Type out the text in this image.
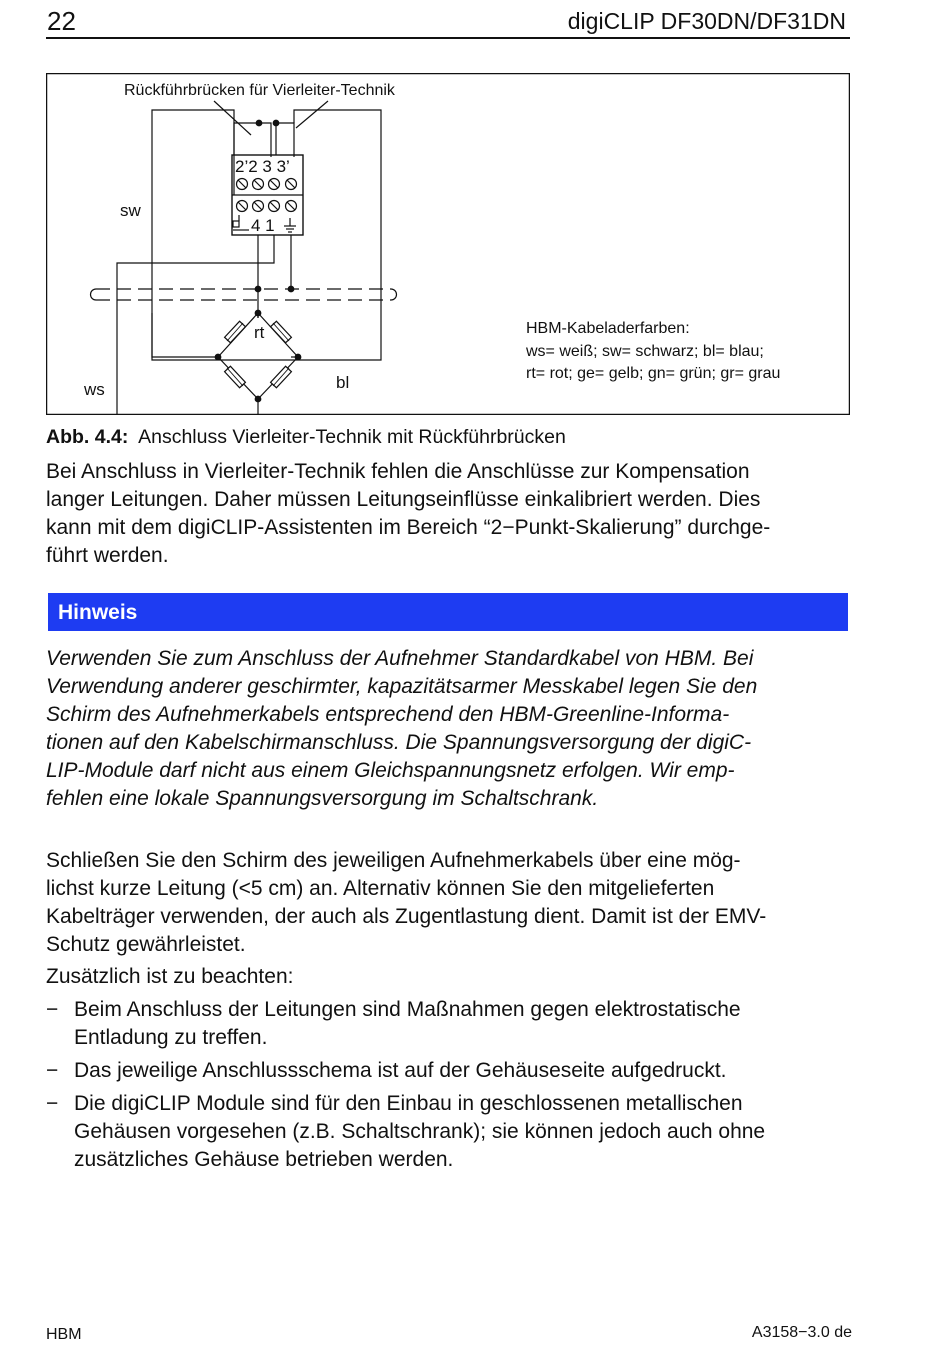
22	digiCLIP DF30DN/DF31DN
Rückführbrücken für Vierleiter-Technik
2’2 3 3’
4 1
sw
ws
rt
bl
HBM-Kabeladerfarben:
ws= weiß; sw= schwarz; bl= blau;
rt= rot; ge= gelb; gn= grün; gr= grau
Abb. 4.4: Anschluss Vierleiter-Technik mit Rückführbrücken
Bei Anschluss in Vierleiter-Technik fehlen die Anschlüsse zur Kompensation
langer Leitungen. Daher müssen Leitungseinflüsse einkalibriert werden. Dies
kann mit dem digiCLIP-Assistenten im Bereich “2−Punkt-Skalierung” durchge-
führt werden.
Hinweis
Verwenden Sie zum Anschluss der Aufnehmer Standardkabel von HBM. Bei
Verwendung anderer geschirmter, kapazitätsarmer Messkabel legen Sie den
Schirm des Aufnehmerkabels entsprechend den HBM-Greenline-Informa-
tionen auf den Kabelschirmanschluss. Die Spannungsversorgung der digiC-
LIP-Module darf nicht aus einem Gleichspannungsnetz erfolgen. Wir emp-
fehlen eine lokale Spannungsversorgung im Schaltschrank.
Schließen Sie den Schirm des jeweiligen Aufnehmerkabels über eine mög-
lichst kurze Leitung (<5 cm) an. Alternativ können Sie den mitgelieferten
Kabelträger verwenden, der auch als Zugentlastung dient. Damit ist der EMV-
Schutz gewährleistet.
Zusätzlich ist zu beachten:
− Beim Anschluss der Leitungen sind Maßnahmen gegen elektrostatische
Entladung zu treffen.
− Das jeweilige Anschlussschema ist auf der Gehäuseseite aufgedruckt.
− Die digiCLIP Module sind für den Einbau in geschlossenen metallischen
Gehäusen vorgesehen (z.B. Schaltschrank); sie können jedoch auch ohne
zusätzliches Gehäuse betrieben werden.
HBM	A3158−3.0 de
